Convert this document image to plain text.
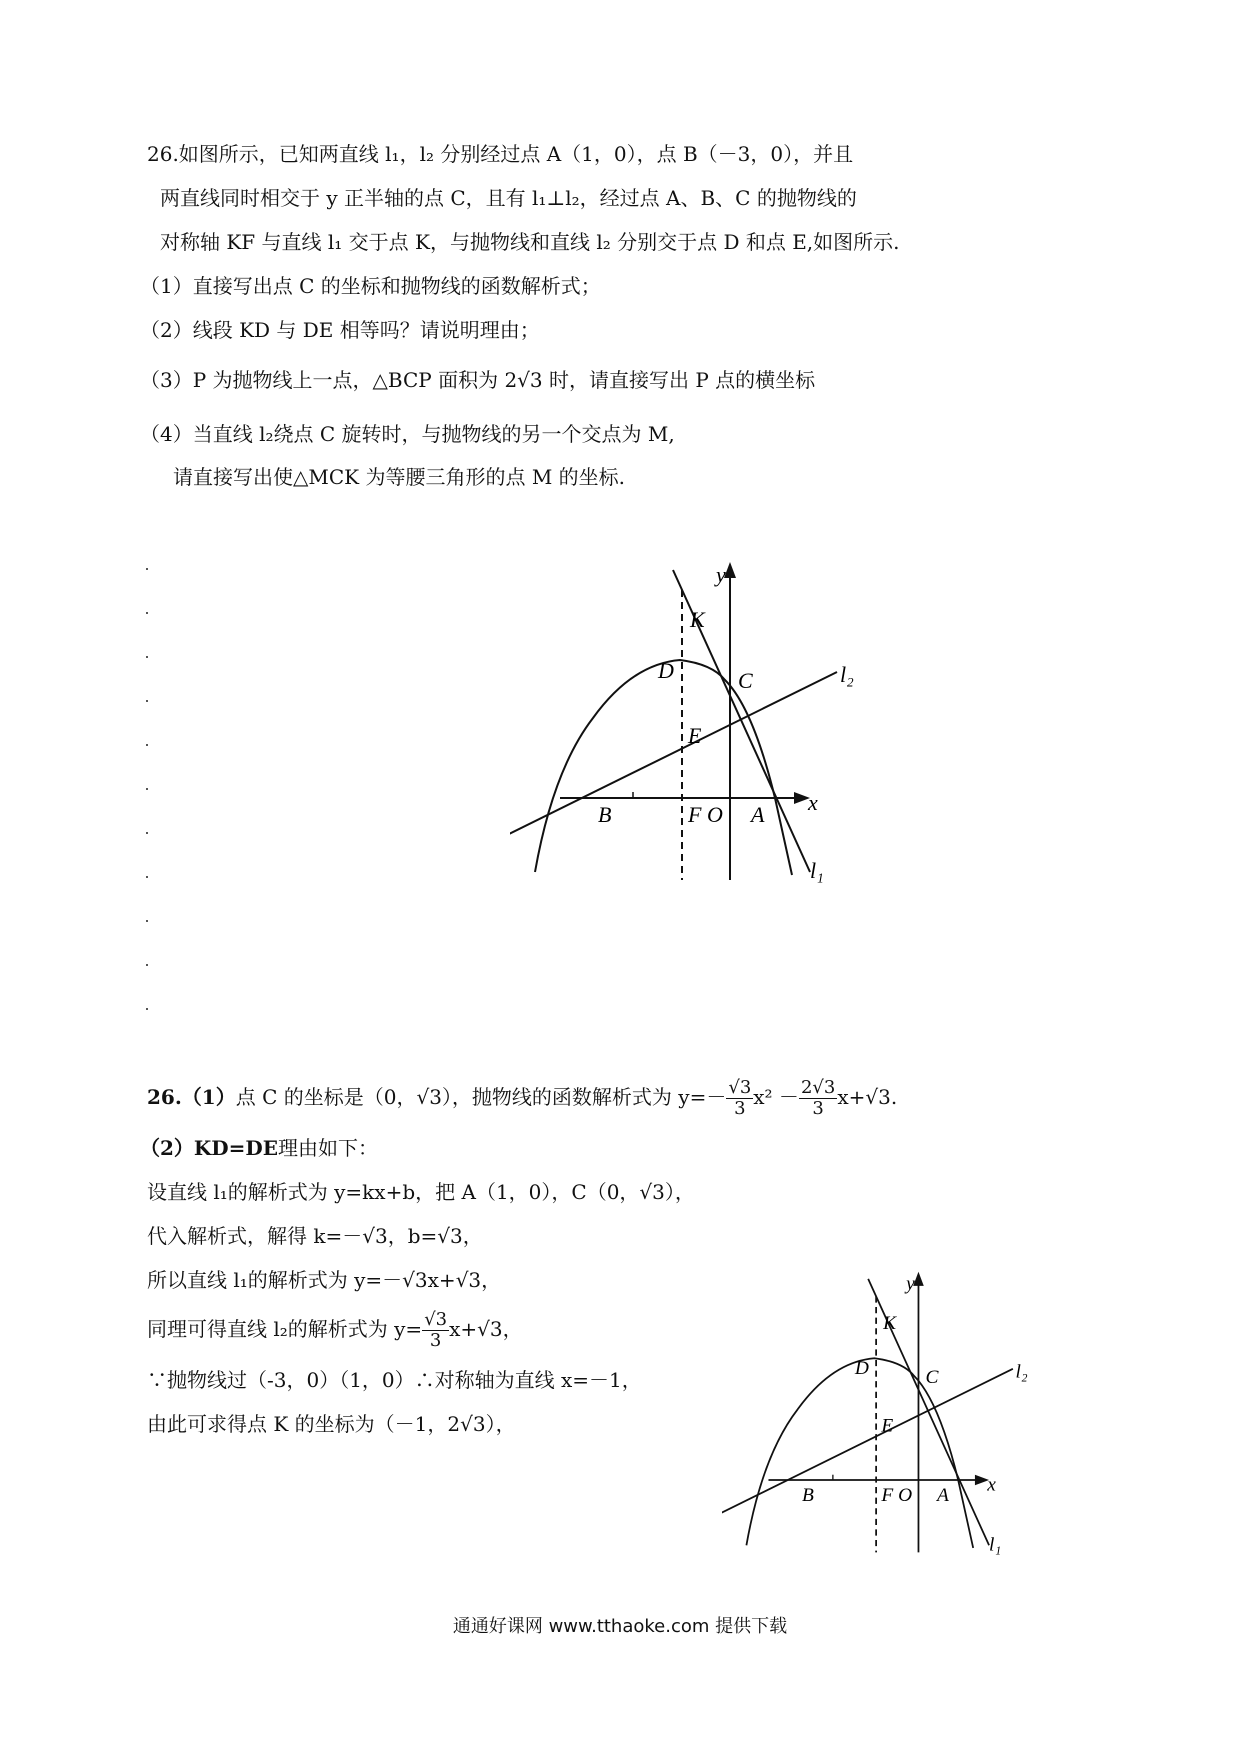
26.如图所示，已知两直线 l₁，l₂ 分别经过点 A（1，0），点 B（－3，0），并且
两直线同时相交于 y 正半轴的点 C，且有 l₁⊥l₂，经过点 A、B、C 的抛物线的
对称轴 KF 与直线 l₁ 交于点 K，与抛物线和直线 l₂ 分别交于点 D 和点 E,如图所示.
（1）直接写出点 C 的坐标和抛物线的函数解析式；
（2）线段 KD 与 DE 相等吗？请说明理由；
（3）P 为抛物线上一点，△BCP 面积为 2√3 时，请直接写出 P 点的横坐标
（4）当直线 l₂绕点 C 旋转时，与抛物线的另一个交点为 M,
请直接写出使△MCK 为等腰三角形的点 M 的坐标.
y
x
K
l₂
D	C
E
B	F O A
l₁
26.（1）点 C 的坐标是（0，√3），抛物线的函数解析式为 $y=- \frac{√3}{3} x^2 - \frac{2√3}{3} x+√3$.
（2）KD=DE理由如下：
设直线 l₁的解析式为 y=kx+b，把 A（1，0），C（0，√3），
代入解析式，解得 k=－√3，b=√3，
所以直线 l₁的解析式为 y=－√3x+√3，
同理可得直线 l₂的解析式为 $y= \frac{√3}{3} x+√3$，
∵抛物线过（-3，0）（1，0）∴对称轴为直线 x=－1，
由此可求得点 K 的坐标为（－1，2√3），
y
x
K
l₂
D	C
E
B	F O A
l₁
通通好课网 www.tthaoke.com 提供下载
